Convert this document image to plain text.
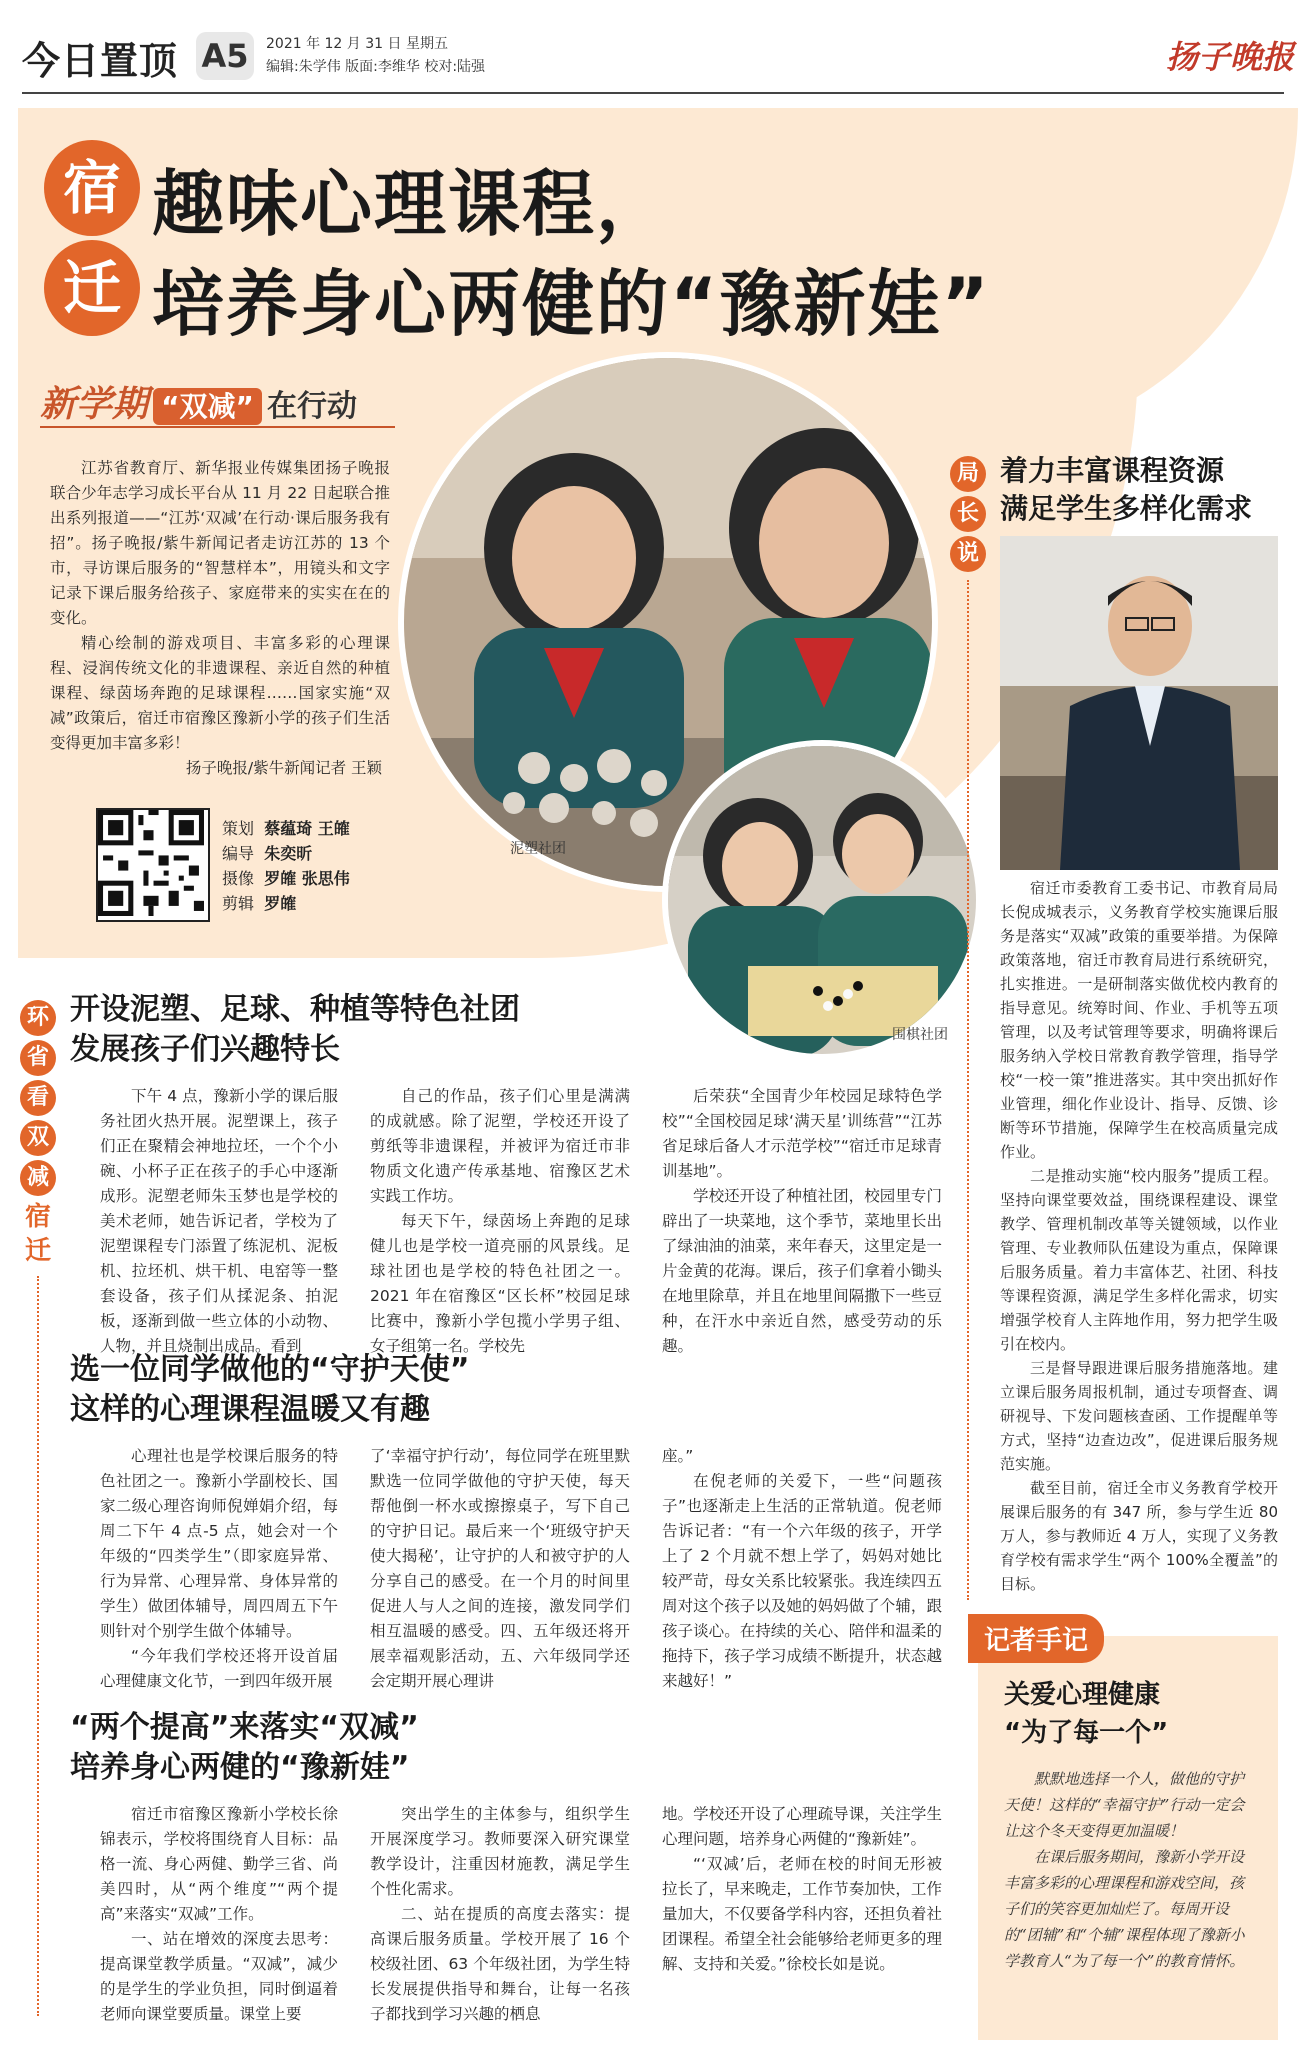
今日置顶 A5	2021 年 12 月 31 日 星期五
编辑:朱学伟 版面:李维华 校对:陆强	扬子晚报
宿
迁
趣味心理课程，
培养身心两健的“豫新娃”
新学期 “双减” 在行动

江苏省教育厅、新华报业传媒集团扬子晚报联合少年志学习成长平台从 11 月 22 日起联合推出系列报道——“江苏‘双减’在行动·课后服务我有招”。扬子晚报/紫牛新闻记者走访江苏的 13 个市，寻访课后服务的“智慧样本”，用镜头和文字记录下课后服务给孩子、家庭带来的实实在在的变化。

精心绘制的游戏项目、丰富多彩的心理课程、浸润传统文化的非遗课程、亲近自然的种植课程、绿茵场奔跑的足球课程……国家实施“双减”政策后，宿迁市宿豫区豫新小学的孩子们生活变得更加丰富多彩！

扬子晚报/紫牛新闻记者 王颖
策划 蔡蕴琦 王㿥
编导 朱奕昕
摄像 罗㿥 张思伟
剪辑 罗㿥
泥塑社团
围棋社团
局
长
说
着力丰富课程资源
满足学生多样化需求

宿迁市委教育工委书记、市教育局局长倪成城表示，义务教育学校实施课后服务是落实“双减”政策的重要举措。为保障政策落地，宿迁市教育局进行系统研究，扎实推进。一是研制落实做优校内教育的指导意见。统筹时间、作业、手机等五项管理，以及考试管理等要求，明确将课后服务纳入学校日常教育教学管理，指导学校“一校一策”推进落实。其中突出抓好作业管理，细化作业设计、指导、反馈、诊断等环节措施，保障学生在校高质量完成作业。

二是推动实施“校内服务”提质工程。坚持向课堂要效益，围绕课程建设、课堂教学、管理机制改革等关键领域，以作业管理、专业教师队伍建设为重点，保障课后服务质量。着力丰富体艺、社团、科技等课程资源，满足学生多样化需求，切实增强学校育人主阵地作用，努力把学生吸引在校内。

三是督导跟进课后服务措施落地。建立课后服务周报机制，通过专项督查、调研视导、下发问题核查函、工作提醒单等方式，坚持“边查边改”，促进课后服务规范实施。

截至目前，宿迁全市义务教育学校开展课后服务的有 347 所，参与学生近 80 万人，参与教师近 4 万人，实现了义务教育学校有需求学生“两个 100%全覆盖”的目标。

环
省
看
双
减
宿
迁
开设泥塑、足球、种植等特色社团
发展孩子们兴趣特长

下午 4 点，豫新小学的课后服务社团火热开展。泥塑课上，孩子们正在聚精会神地拉坯，一个个小碗、小杯子正在孩子的手心中逐渐成形。泥塑老师朱玉梦也是学校的美术老师，她告诉记者，学校为了泥塑课程专门添置了练泥机、泥板机、拉坯机、烘干机、电窑等一整套设备，孩子们从揉泥条、拍泥板，逐渐到做一些立体的小动物、人物，并且烧制出成品。看到

自己的作品，孩子们心里是满满的成就感。除了泥塑，学校还开设了剪纸等非遗课程，并被评为宿迁市非物质文化遗产传承基地、宿豫区艺术实践工作坊。

每天下午，绿茵场上奔跑的足球健儿也是学校一道亮丽的风景线。足球社团也是学校的特色社团之一。2021 年在宿豫区“区长杯”校园足球比赛中，豫新小学包揽小学男子组、女子组第一名。学校先

后荣获“全国青少年校园足球特色学校”“全国校园足球‘满天星’训练营”“江苏省足球后备人才示范学校”“宿迁市足球青训基地”。

学校还开设了种植社团，校园里专门辟出了一块菜地，这个季节，菜地里长出了绿油油的油菜，来年春天，这里定是一片金黄的花海。课后，孩子们拿着小锄头在地里除草，并且在地里间隔撒下一些豆种，在汗水中亲近自然，感受劳动的乐趣。

选一位同学做他的“守护天使”
这样的心理课程温暖又有趣

心理社也是学校课后服务的特色社团之一。豫新小学副校长、国家二级心理咨询师倪婵娟介绍，每周二下午 4 点-5 点，她会对一个年级的“四类学生”（即家庭异常、行为异常、心理异常、身体异常的学生）做团体辅导，周四周五下午则针对个别学生做个体辅导。

“今年我们学校还将开设首届心理健康文化节，一到四年级开展

了‘幸福守护行动’，每位同学在班里默默选一位同学做他的守护天使，每天帮他倒一杯水或擦擦桌子，写下自己的守护日记。最后来一个‘班级守护天使大揭秘’，让守护的人和被守护的人分享自己的感受。在一个月的时间里促进人与人之间的连接，激发同学们相互温暖的感受。四、五年级还将开展幸福观影活动，五、六年级同学还会定期开展心理讲

座。”

在倪老师的关爱下，一些“问题孩子”也逐渐走上生活的正常轨道。倪老师告诉记者：“有一个六年级的孩子，开学上了 2 个月就不想上学了，妈妈对她比较严苛，母女关系比较紧张。我连续四五周对这个孩子以及她的妈妈做了个辅，跟孩子谈心。在持续的关心、陪伴和温柔的拖持下，孩子学习成绩不断提升，状态越来越好！”

“两个提高”来落实“双减”
培养身心两健的“豫新娃”

宿迁市宿豫区豫新小学校长徐锦表示，学校将围绕育人目标：品格一流、身心两健、勤学三省、尚美四时，从“两个维度”“两个提高”来落实“双减”工作。

一、站在增效的深度去思考：提高课堂教学质量。“双减”，减少的是学生的学业负担，同时倒逼着老师向课堂要质量。课堂上要

突出学生的主体参与，组织学生开展深度学习。教师要深入研究课堂教学设计，注重因材施教，满足学生个性化需求。

二、站在提质的高度去落实：提高课后服务质量。学校开展了 16 个校级社团、63 个年级社团，为学生特长发展提供指导和舞台，让每一名孩子都找到学习兴趣的栖息

地。学校还开设了心理疏导课，关注学生心理问题，培养身心两健的“豫新娃”。

“‘双减’后，老师在校的时间无形被拉长了，早来晚走，工作节奏加快，工作量加大，不仅要备学科内容，还担负着社团课程。希望全社会能够给老师更多的理解、支持和关爱。”徐校长如是说。

记者手记
关爱心理健康
“为了每一个”

默默地选择一个人，做他的守护天使！这样的“幸福守护”行动一定会让这个冬天变得更加温暖！

在课后服务期间，豫新小学开设丰富多彩的心理课程和游戏空间，孩子们的笑容更加灿烂了。每周开设的“团辅”和“个辅”课程体现了豫新小学教育人“为了每一个”的教育情怀。
